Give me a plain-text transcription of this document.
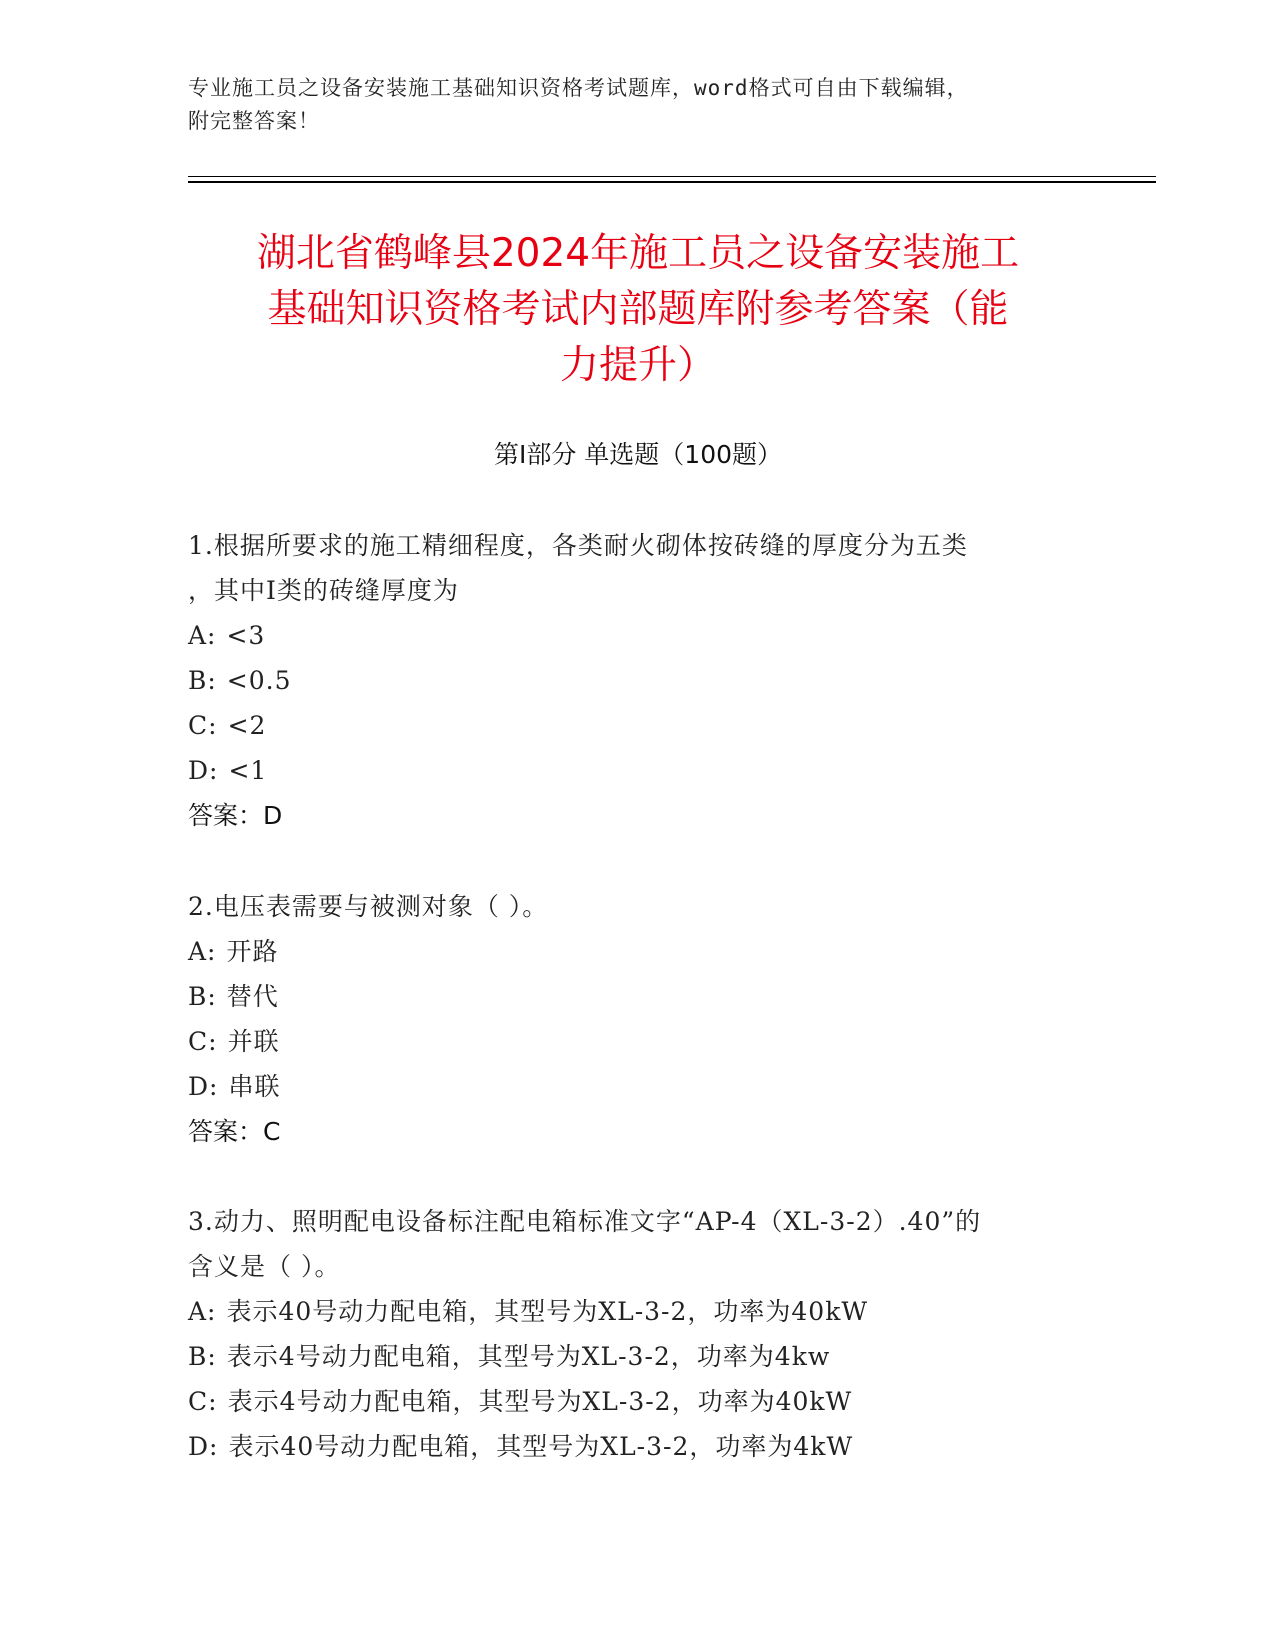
专业施工员之设备安装施工基础知识资格考试题库，word格式可自由下载编辑，
附完整答案！
湖北省鹤峰县2024年施工员之设备安装施工
基础知识资格考试内部题库附参考答案（能
力提升）
第Ⅰ部分 单选题（100题）

1.根据所要求的施工精细程度，各类耐火砌体按砖缝的厚度分为五类

，其中Ⅰ类的砖缝厚度为

A: <3

B: <0.5

C: <2

D: <1

答案：D

2.电压表需要与被测对象（ ）。

A: 开路

B: 替代

C: 并联

D: 串联

答案：C

3.动力、照明配电设备标注配电箱标准文字“AP-4（XL-3-2）.40”的

含义是（ ）。

A: 表示40号动力配电箱，其型号为XL-3-2，功率为40kW

B: 表示4号动力配电箱，其型号为XL-3-2，功率为4kw

C: 表示4号动力配电箱，其型号为XL-3-2，功率为40kW

D: 表示40号动力配电箱，其型号为XL-3-2，功率为4kW
